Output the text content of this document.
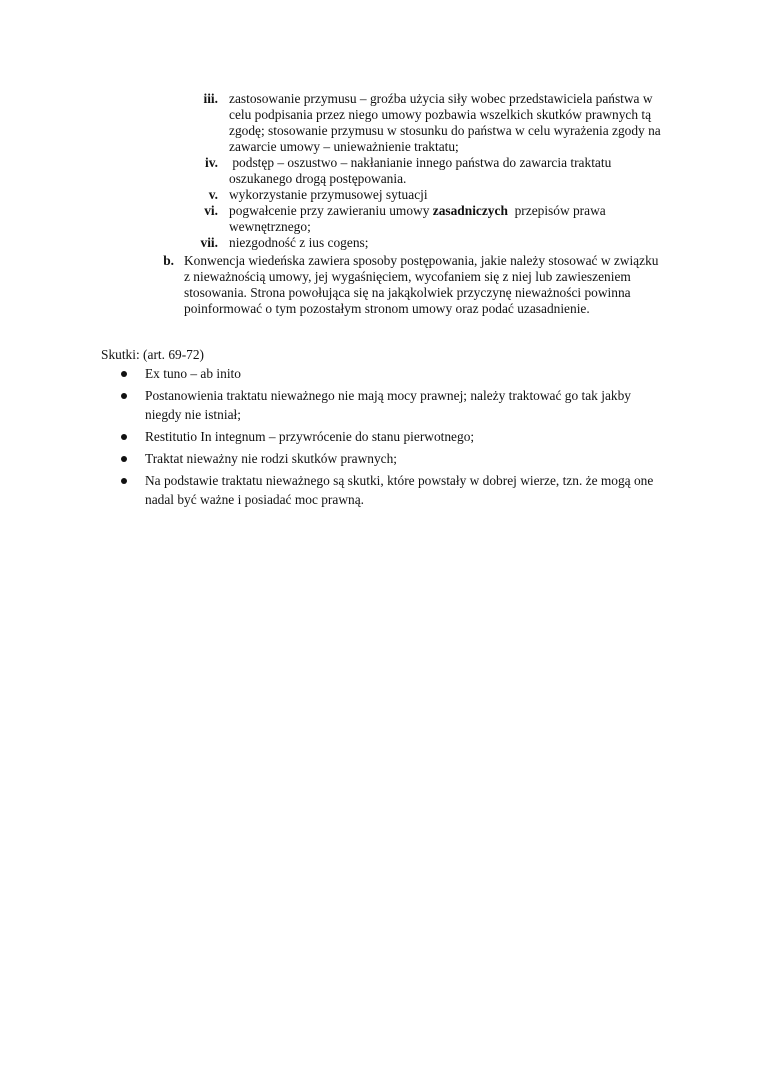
iii. zastosowanie przymusu – groźba użycia siły wobec przedstawiciela państwa w celu podpisania przez niego umowy pozbawia wszelkich skutków prawnych tą zgodę; stosowanie przymusu w stosunku do państwa w celu wyrażenia zgody na zawarcie umowy – unieważnienie traktatu;
iv. podstęp – oszustwo – nakłanianie innego państwa do zawarcia traktatu oszukanego drogą postępowania.
v. wykorzystanie przymusowej sytuacji
vi. pogwałcenie przy zawieraniu umowy zasadniczych  przepisów prawa wewnętrznego;
vii. niezgodność z ius cogens;
b. Konwencja wiedeńska zawiera sposoby postępowania, jakie należy stosować w związku z nieważnością umowy, jej wygaśnięciem, wycofaniem się z niej lub zawieszeniem stosowania. Strona powołująca się na jakąkolwiek przyczynę nieważności powinna poinformować o tym pozostałym stronom umowy oraz podać uzasadnienie.
Skutki: (art. 69-72)
Ex tuno – ab inito
Postanowienia traktatu nieważnego nie mają mocy prawnej; należy traktować go tak jakby niegdy nie istniał;
Restitutio In integnum – przywrócenie do stanu pierwotnego;
Traktat nieważny nie rodzi skutków prawnych;
Na podstawie traktatu nieważnego są skutki, które powstały w dobrej wierze, tzn. że mogą one nadal być ważne i posiadać moc prawną.
